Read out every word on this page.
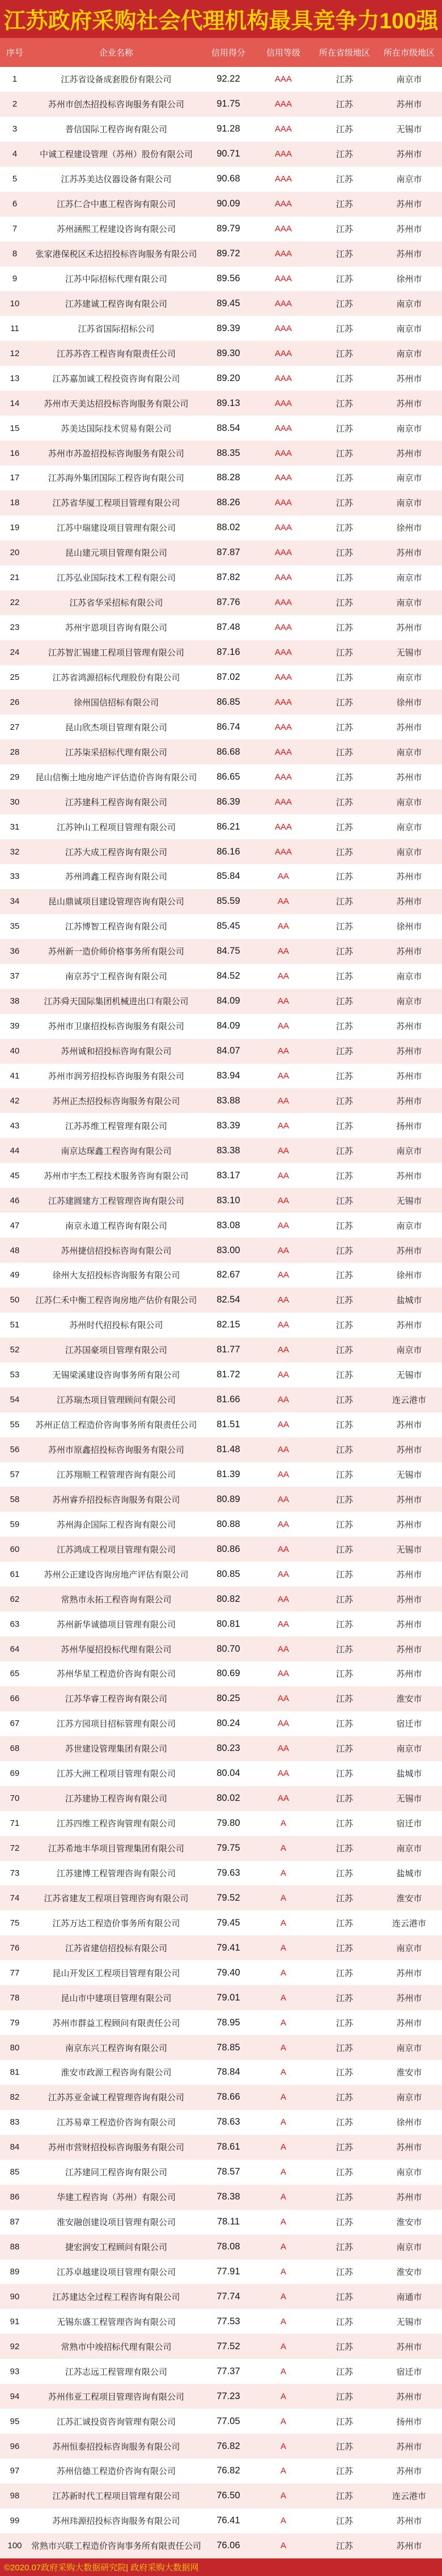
江苏政府采购社会代理机构最具竞争力100强
序号	企业名称	信用得分	信用等级	所在省级地区	所在市级地区
1	江苏省设备成套股份有限公司	92.22	AAA	江苏	南京市
2	苏州市创杰招投标咨询服务有限公司	91.75	AAA	江苏	苏州市
3	普信国际工程咨询有限公司	91.28	AAA	江苏	无锡市
4	中诚工程建设管理（苏州）股份有限公司	90.71	AAA	江苏	苏州市
5	江苏苏美达仪器设备有限公司	90.68	AAA	江苏	南京市
6	江苏仁合中惠工程咨询有限公司	90.09	AAA	江苏	苏州市
7	苏州涵熙工程建设咨询有限公司	89.79	AAA	江苏	苏州市
8	张家港保税区禾达招投标咨询服务有限公司	89.72	AAA	江苏	苏州市
9	江苏中际招标代理有限公司	89.56	AAA	江苏	徐州市
10	江苏建诚工程咨询有限公司	89.45	AAA	江苏	南京市
11	江苏省国际招标公司	89.39	AAA	江苏	南京市
12	江苏苏咨工程咨询有限责任公司	89.30	AAA	江苏	南京市
13	江苏嘉加诚工程投资咨询有限公司	89.20	AAA	江苏	苏州市
14	苏州市天美达招投标咨询服务有限公司	89.13	AAA	江苏	苏州市
15	苏美达国际技术贸易有限公司	88.54	AAA	江苏	南京市
16	苏州市苏盈招投标咨询服务有限公司	88.35	AAA	江苏	苏州市
17	江苏海外集团国际工程咨询有限公司	88.28	AAA	江苏	南京市
18	江苏省华厦工程项目管理有限公司	88.26	AAA	江苏	南京市
19	江苏中瑞建设项目管理有限公司	88.02	AAA	江苏	徐州市
20	昆山建元项目管理有限公司	87.87	AAA	江苏	苏州市
21	江苏弘业国际技术工程有限公司	87.82	AAA	江苏	南京市
22	江苏省华采招标有限公司	87.76	AAA	江苏	南京市
23	苏州宇恩项目咨询有限公司	87.48	AAA	江苏	苏州市
24	江苏智汇锡建工程项目管理有限公司	87.16	AAA	江苏	无锡市
25	江苏省鸿源招标代理股份有限公司	87.02	AAA	江苏	南京市
26	徐州国信招标有限公司	86.85	AAA	江苏	徐州市
27	昆山欣杰项目管理有限公司	86.74	AAA	江苏	苏州市
28	江苏柒采招标代理有限公司	86.68	AAA	江苏	南京市
29	昆山信衡土地房地产评估造价咨询有限公司	86.65	AAA	江苏	苏州市
30	江苏建科工程咨询有限公司	86.39	AAA	江苏	南京市
31	江苏钟山工程项目管理有限公司	86.21	AAA	江苏	南京市
32	江苏大成工程咨询有限公司	86.16	AAA	江苏	南京市
33	苏州鸿鑫工程咨询有限公司	85.84	AA	江苏	苏州市
34	昆山鼎诚项目建设管理咨询有限公司	85.59	AA	江苏	苏州市
35	江苏博智工程咨询有限公司	85.45	AA	江苏	徐州市
36	苏州新一造价师价格事务所有限公司	84.75	AA	江苏	苏州市
37	南京苏宁工程咨询有限公司	84.52	AA	江苏	南京市
38	江苏舜天国际集团机械进出口有限公司	84.09	AA	江苏	南京市
39	苏州市卫康招投标咨询服务有限公司	84.09	AA	江苏	苏州市
40	苏州诚和招投标咨询有限公司	84.07	AA	江苏	苏州市
41	苏州市润芳招投标咨询服务有限公司	83.94	AA	江苏	苏州市
42	苏州正杰招投标咨询服务有限公司	83.88	AA	江苏	苏州市
43	江苏苏维工程管理有限公司	83.39	AA	江苏	扬州市
44	南京达琛鑫工程咨询有限公司	83.38	AA	江苏	南京市
45	苏州市宇杰工程技术服务咨询有限公司	83.17	AA	江苏	苏州市
46	江苏建圆建方工程管理咨询有限公司	83.10	AA	江苏	无锡市
47	南京永道工程咨询有限公司	83.08	AA	江苏	南京市
48	苏州捷信招投标咨询有限公司	83.00	AA	江苏	苏州市
49	徐州大友招投标咨询服务有限公司	82.67	AA	江苏	徐州市
50	江苏仁禾中衡工程咨询房地产估价有限公司	82.54	AA	江苏	盐城市
51	苏州时代招投标有限公司	82.15	AA	江苏	苏州市
52	江苏国豪项目管理有限公司	81.77	AA	江苏	南京市
53	无锡梁溪建设咨询事务所有限公司	81.72	AA	江苏	无锡市
54	江苏瑞杰项目管理顾问有限公司	81.66	AA	江苏	连云港市
55	苏州正信工程造价咨询事务所有限责任公司	81.51	AA	江苏	苏州市
56	苏州市原鑫招投标咨询服务有限公司	81.48	AA	江苏	苏州市
57	江苏翔顺工程管理咨询有限公司	81.39	AA	江苏	无锡市
58	苏州睿乔招投标咨询服务有限公司	80.89	AA	江苏	苏州市
59	苏州海企国际工程咨询有限公司	80.88	AA	江苏	苏州市
60	江苏鸿成工程项目管理有限公司	80.86	AA	江苏	无锡市
61	苏州公正建设咨询房地产评估有限公司	80.85	AA	江苏	苏州市
62	常熟市永拓工程咨询有限公司	80.82	AA	江苏	苏州市
63	苏州新华诚德项目管理有限公司	80.81	AA	江苏	苏州市
64	苏州华厦招投标代理有限公司	80.70	AA	江苏	苏州市
65	苏州华星工程造价咨询有限公司	80.69	AA	江苏	苏州市
66	江苏华睿工程咨询有限公司	80.25	AA	江苏	淮安市
67	江苏方园项目招标管理有限公司	80.24	AA	江苏	宿迁市
68	苏世建设管理集团有限公司	80.23	AA	江苏	南京市
69	江苏大洲工程项目管理有限公司	80.04	AA	江苏	盐城市
70	江苏建协工程咨询有限公司	80.02	AA	江苏	无锡市
71	江苏四维工程咨询管理有限公司	79.80	A	江苏	宿迁市
72	江苏希地丰华项目管理集团有限公司	79.75	A	江苏	南京市
73	江苏建博工程管理咨询有限公司	79.63	A	江苏	盐城市
74	江苏省建友工程项目管理咨询有限公司	79.52	A	江苏	淮安市
75	江苏万达工程造价事务所有限公司	79.45	A	江苏	连云港市
76	江苏省建信招投标有限公司	79.41	A	江苏	南京市
77	昆山开发区工程项目管理有限公司	79.40	A	江苏	苏州市
78	昆山市中建项目管理有限公司	79.01	A	江苏	苏州市
79	苏州市群益工程顾问有限责任公司	78.95	A	江苏	苏州市
80	南京东兴工程咨询有限公司	78.85	A	江苏	南京市
81	淮安市政源工程咨询有限公司	78.84	A	江苏	淮安市
82	江苏苏亚金诚工程管理咨询有限公司	78.66	A	江苏	南京市
83	江苏易章工程造价咨询有限公司	78.63	A	江苏	徐州市
84	苏州市营财招投标咨询服务有限公司	78.61	A	江苏	苏州市
85	江苏建同工程咨询有限公司	78.57	A	江苏	南京市
86	华建工程咨询（苏州）有限公司	78.38	A	江苏	苏州市
87	淮安融创建设项目管理有限公司	78.11	A	江苏	淮安市
88	捷宏润安工程顾问有限公司	78.08	A	江苏	南京市
89	江苏卓越建设项目管理有限公司	77.91	A	江苏	淮安市
90	江苏建达全过程工程咨询有限公司	77.74	A	江苏	南通市
91	无锡东盛工程管理咨询有限公司	77.53	A	江苏	无锡市
92	常熟市中竣招标代理有限公司	77.52	A	江苏	苏州市
93	江苏志远工程管理有限公司	77.37	A	江苏	宿迁市
94	苏州伟亚工程项目管理咨询有限公司	77.23	A	江苏	苏州市
95	江苏汇诚投资咨询管理有限公司	77.05	A	江苏	扬州市
96	苏州恒泰招投标咨询服务有限公司	76.82	A	江苏	苏州市
97	苏州信德工程造价咨询有限公司	76.82	A	江苏	苏州市
98	江苏新时代工程项目管理有限公司	76.50	A	江苏	连云港市
99	苏州玮源招投标咨询服务有限公司	76.41	A	江苏	苏州市
100	常熟市兴联工程造价咨询事务所有限责任公司	76.06	A	江苏	苏州市
©2020.07政府采购大数据研究院| 政府采购大数据网
